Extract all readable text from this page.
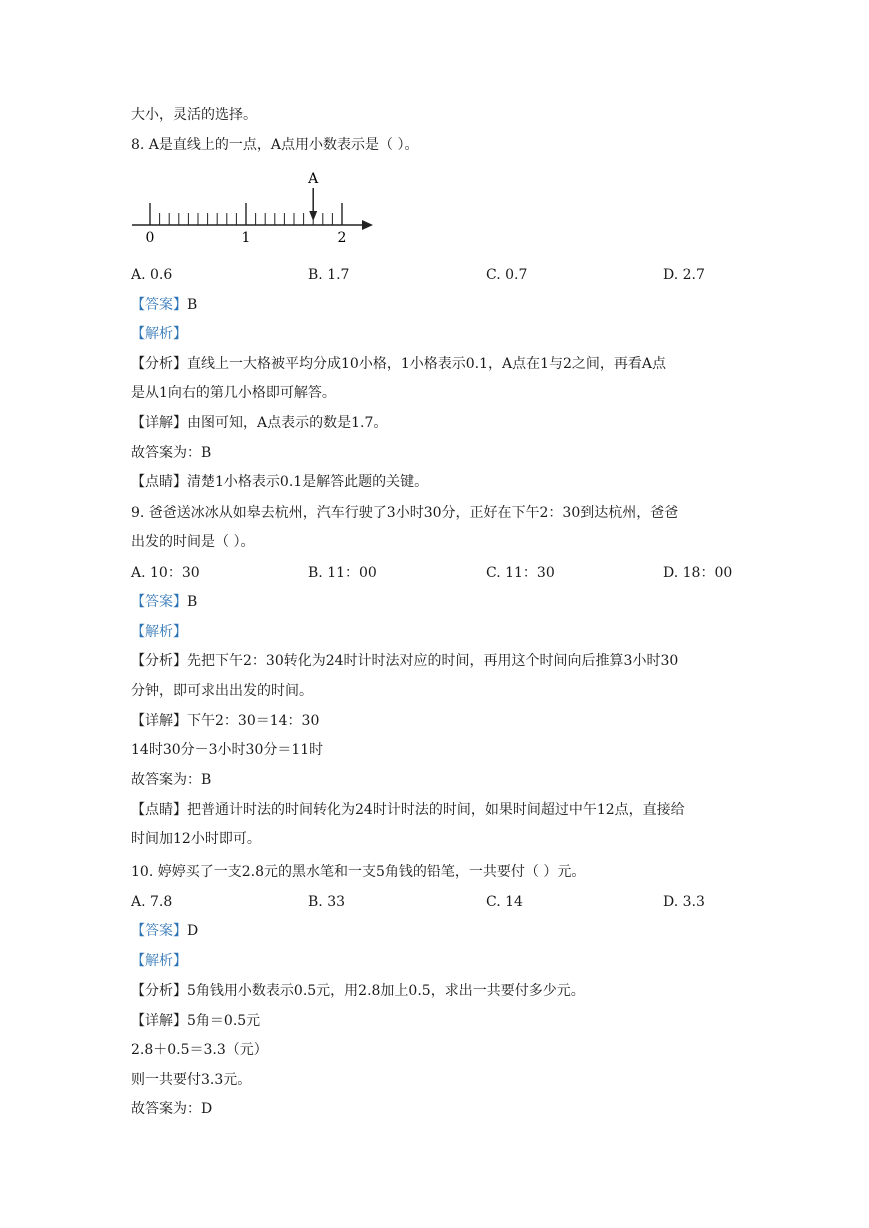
大小，灵活的选择。
8. A是直线上的一点，A点用小数表示是（ ）。
A
0	1	2
A. 0.6	B. 1.7	C. 0.7	D. 2.7
【答案】B
【解析】
【分析】直线上一大格被平均分成10小格，1小格表示0.1，A点在1与2之间，再看A点
是从1向右的第几小格即可解答。
【详解】由图可知，A点表示的数是1.7。
故答案为：B
【点睛】清楚1小格表示0.1是解答此题的关键。
9. 爸爸送冰冰从如皋去杭州，汽车行驶了3小时30分，正好在下午2：30到达杭州，爸爸
出发的时间是（ ）。
A. 10：30	B. 11：00	C. 11：30	D. 18：00
【答案】B
【解析】
【分析】先把下午2：30转化为24时计时法对应的时间，再用这个时间向后推算3小时30
分钟，即可求出出发的时间。
【详解】下午2：30＝14：30
14时30分－3小时30分＝11时
故答案为：B
【点睛】把普通计时法的时间转化为24时计时法的时间，如果时间超过中午12点，直接给
时间加12小时即可。
10. 婷婷买了一支2.8元的黑水笔和一支5角钱的铅笔，一共要付（ ）元。
A. 7.8	B. 33	C. 14	D. 3.3
【答案】D
【解析】
【分析】5角钱用小数表示0.5元，用2.8加上0.5，求出一共要付多少元。
【详解】5角＝0.5元
2.8＋0.5＝3.3（元）
则一共要付3.3元。
故答案为：D
